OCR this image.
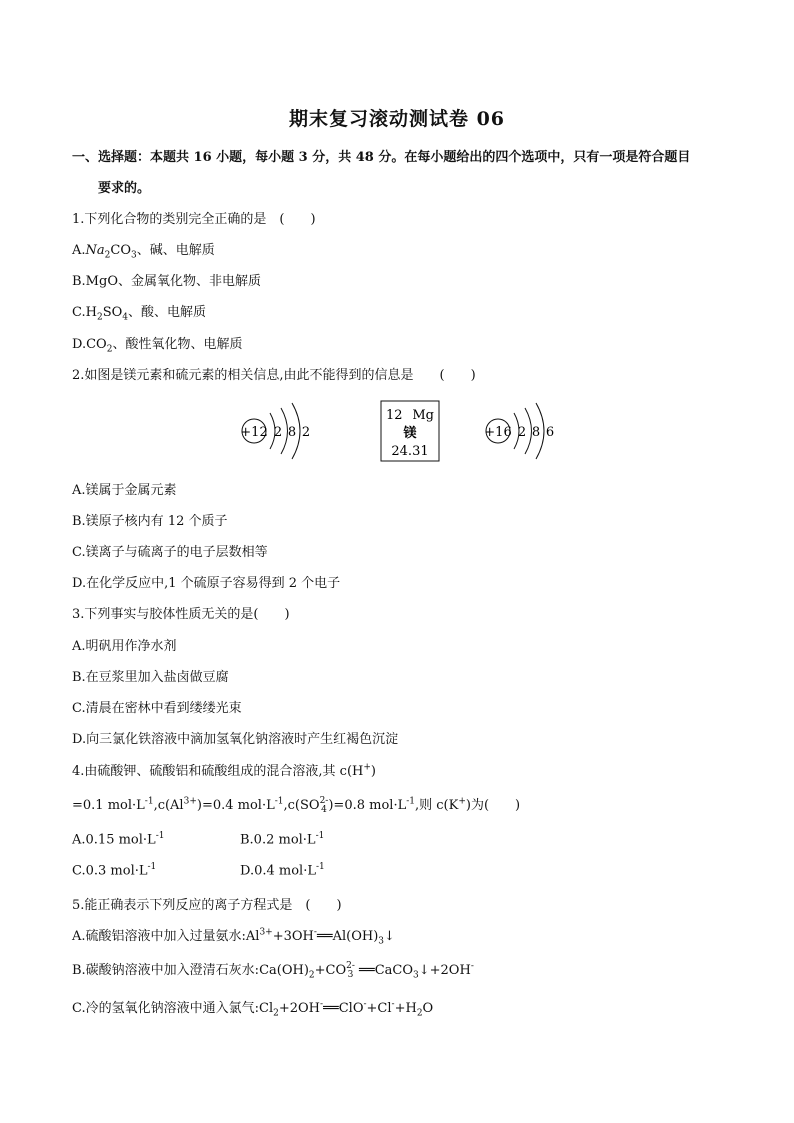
期末复习滚动测试卷 06
一、选择题：本题共 16 小题，每小题 3 分，共 48 分。在每小题给出的四个选项中，只有一项是符合题目
要求的。
1.下列化合物的类别完全正确的是　(　　)
$A.Na_2CO_3$、碱、电解质
B.MgO、金属氧化物、非电解质
$C.H_2SO_4$、酸、电解质
$D.CO_2$、酸性氧化物、电解质
2.如图是镁元素和硫元素的相关信息,由此不能得到的信息是　　(　　)
+12 2 8 2
12 Mg
镁
24.31
+16 2 8 6
A.镁属于金属元素
B.镁原子核内有 12 个质子
C.镁离子与硫离子的电子层数相等
D.在化学反应中,1 个硫原子容易得到 2 个电子
3.下列事实与胶体性质无关的是(　　)
A.明矾用作净水剂
B.在豆浆里加入盐卤做豆腐
C.清晨在密林中看到缕缕光束
D.向三氯化铁溶液中滴加氢氧化钠溶液时产生红褐色沉淀
4.由硫酸钾、硫酸铝和硫酸组成的混合溶液,其 c(H+)
=0.1 $mol\cdot L^{-1},c(Al^{3+})=0.4$ $mol\cdot L^{-1},c(SO$ 2-
4 )=0.8 $mol\cdot L^{-1}$,则 c(K+)为(　　)
A.0.15 $mol\cdot L^{-1}$	B.0.2 $mol\cdot L^{-1}$
C.0.3 $mol\cdot L^{-1}$	D.0.4 $mol\cdot L^{-1}$
5.能正确表示下列反应的离子方程式是　(　　)
A.硫酸铝溶液中加入过量氨水$:Al^{3+}+3OH^-══Al(OH)_3↓$
B.碳酸钠溶液中加入澄清石灰水$:Ca(OH)_2+CO$ 2-
3 ══CaCO$_3$↓+2OH-
C.冷的氢氧化钠溶液中通入氯气$:Cl_2+2OH^-══ClO^-+Cl^-+H_2O$
